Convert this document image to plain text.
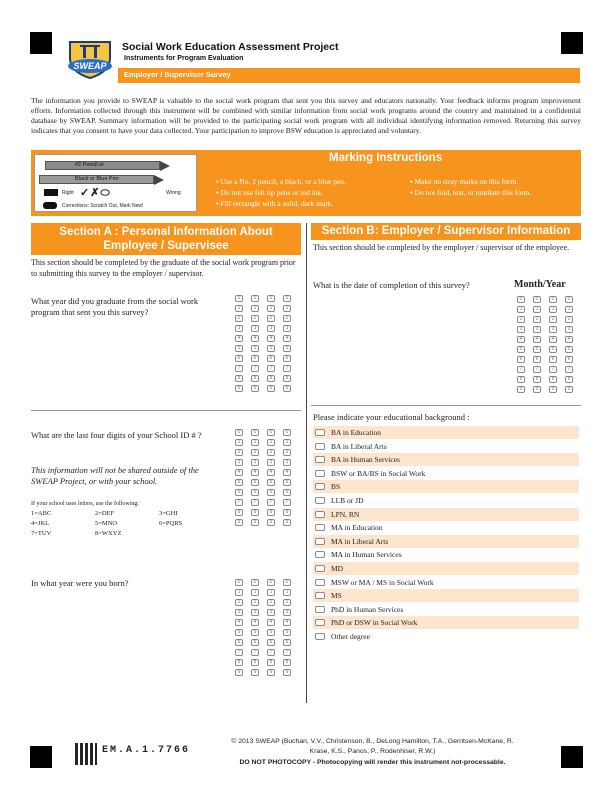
SWEAP
Social Work Education Assessment Project
Instruments for Program Evaluation
Employer / Supervisor Survey
The information you provide to SWEAP is valuable to the social work program that sent you this survey and educators nationally. Your feedback informs program improvement efforts. Information collected through this instrument will be combined with similar information from social work programs around the country and maintained in a confidential database by SWEAP. Summary information will be provided to the participating social work program with all individual identifying information removed. Returning this survey indicates that you consent to have your data collected. Your participation to improve BSW education is appreciated and voluntary.
#2 Pencil or
Black or Blue Pen
Right ✓✗⬭	Wrong
Corrections: Scratch Out, Mark New!
Marking Instructions
▪ Use a No. 2 pencil, a black, or a blue pen.
▪ Do not use felt tip pens or red ink.
▪ Fill rectangle with a solid, dark mark.
▪ Make no stray marks on this form.
▪ Do not fold, tear, or mutilate this form.
Section A : Personal Information About
Employee / Supervisee
This section should be completed by the graduate of the social work program prior to submitting this survey to the employer / supervisor.
What year did you graduate from the social work program that sent you this survey?
0	0	0	0
1	1	1	1
2	2	2	2
3	3	3	3
4	4	4	4
5	5	5	5
6	6	6	6
7	7	7	7
8	8	8	8
9	9	9	9
What are the last four digits of your School ID # ?
This information will not be shared outside of the SWEAP Project, or with your school.
If your school uses letters, use the following:
1=ABC	2=DEF	3=GHI
4=JKL	5=MNO	6=PQRS
7=TUV	8=WXYZ
0	0	0	0
1	1	1	1
2	2	2	2
3	3	3	3
4	4	4	4
5	5	5	5
6	6	6	6
7	7	7	7
8	8	8	8
9	9	9	9
In what year were you born?	0	0	0	0
1	1	1	1
2	2	2	2
3	3	3	3
4	4	4	4
5	5	5	5
6	6	6	6
7	7	7	7
8	8	8	8
9	9	9	9
Section B: Employer / Supervisor Information
This section should be completed by the employer / supervisor of the employee.
What is the date of completion of this survey?	Month/Year
0	0	0	0
1	1	1	1
2	2	2	2
3	3	3	3
4	4	4	4
5	5	5	5
6	6	6	6
7	7	7	7
8	8	8	8
9	9	9	9
Please indicate your educational background :
BA in Education
BA in Liberal Arts
BA in Human Services
BSW or BA/BS in Social Work
BS
LLB or JD
LPN, RN
MA in Education
MA in Liberal Arts
MA in Human Services
MD
MSW or MA / MS in Social Work
MS
PhD in Human Services
PhD or DSW in Social Work
Other degree
EM.A.1.7766
© 2013 SWEAP (Buchan, V.V., Christenson, B., DeLong Hamilton, T.A., Gerritsen-McKane, R.
Krase, K.S., Panos, P., Rodenhiser, R.W.)
DO NOT PHOTOCOPY - Photocopying will render this instrument not-processable.
